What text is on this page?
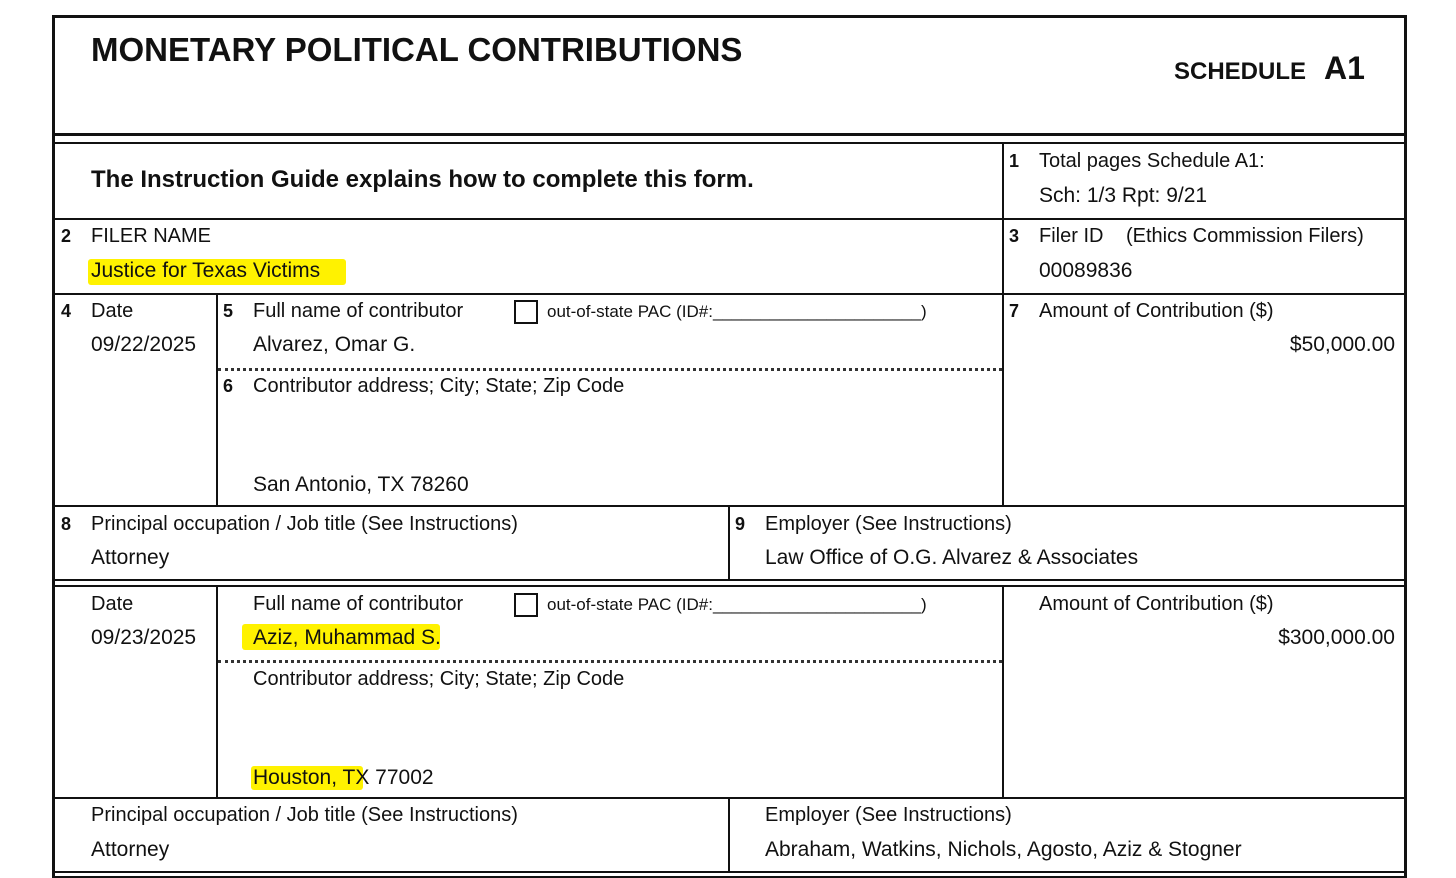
MONETARY POLITICAL CONTRIBUTIONS
SCHEDULE A1
The Instruction Guide explains how to complete this form.
1 Total pages Schedule A1:
Sch: 1/3 Rpt: 9/21
2 FILER NAME
Justice for Texas Victims
3 Filer ID (Ethics Commission Filers)
00089836
4 Date
09/22/2025
5 Full name of contributor	out-of-state PAC (ID#:______________________)
Alvarez, Omar G.
6 Contributor address; City; State; Zip Code
San Antonio, TX 78260
7 Amount of Contribution ($)
$50,000.00
8 Principal occupation / Job title (See Instructions)
Attorney
9 Employer (See Instructions)
Law Office of O.G. Alvarez & Associates
Date
09/23/2025
Full name of contributor	out-of-state PAC (ID#:______________________)
Aziz, Muhammad S.
Contributor address; City; State; Zip Code
Houston, TX 77002
Amount of Contribution ($)
$300,000.00
Principal occupation / Job title (See Instructions)
Attorney
Employer (See Instructions)
Abraham, Watkins, Nichols, Agosto, Aziz & Stogner
